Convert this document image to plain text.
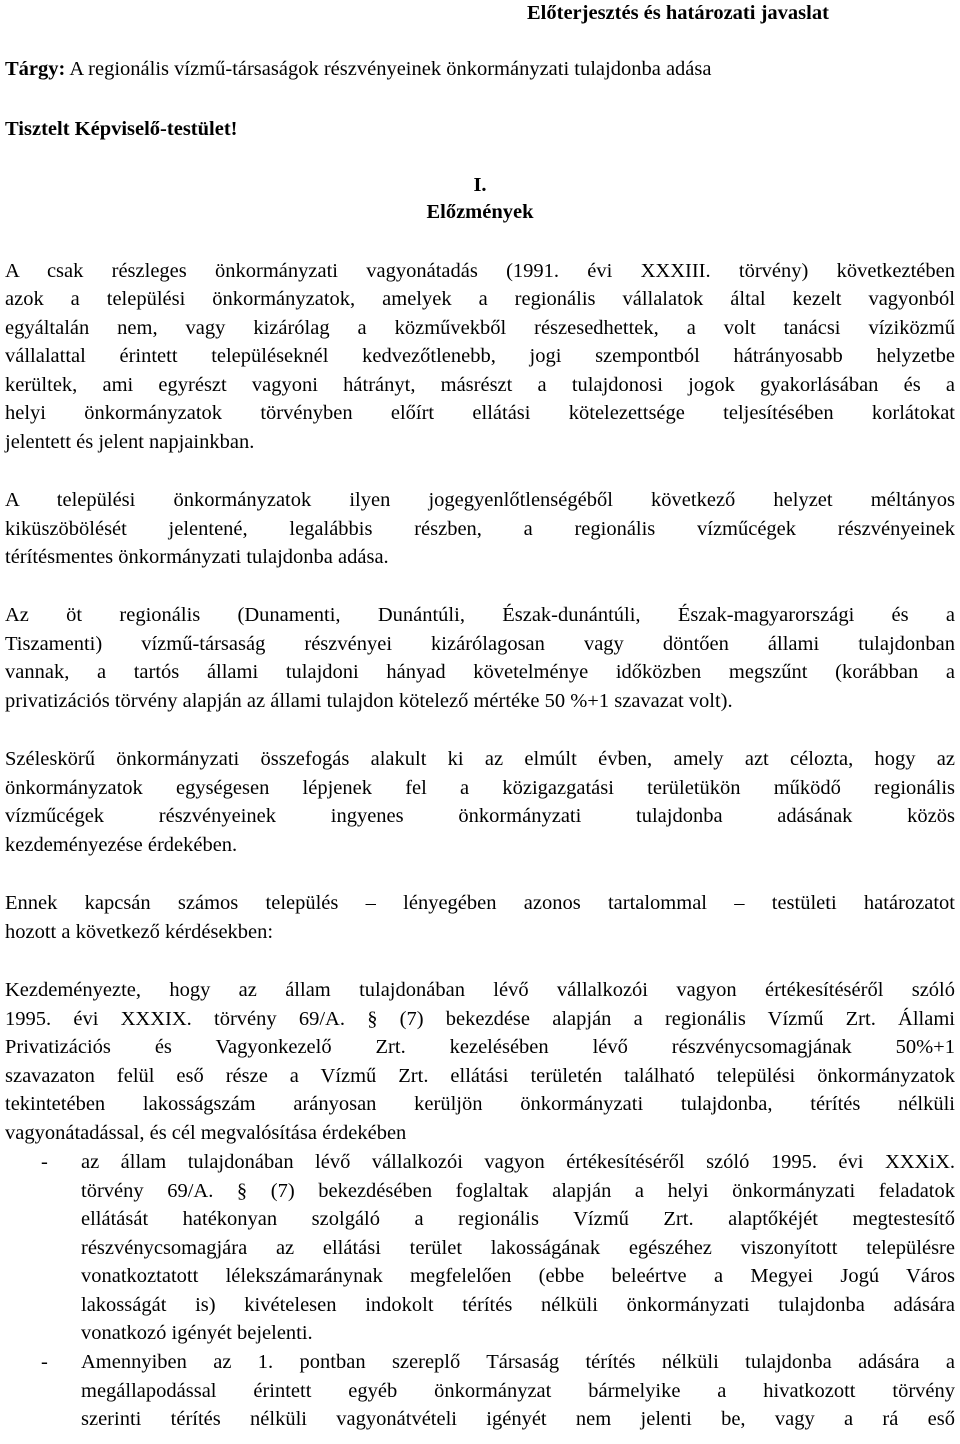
Előterjesztés és határozati javaslat
Tárgy: A regionális vízmű-társaságok részvényeinek önkormányzati tulajdonba adása
Tisztelt Képviselő-testület!
I.
Előzmények
A csak részleges önkormányzati vagyonátadás (1991. évi XXXIII. törvény) következtében
azok a települési önkormányzatok, amelyek a regionális vállalatok által kezelt vagyonból
egyáltalán nem, vagy kizárólag a közművekből részesedhettek, a volt tanácsi víziközmű
vállalattal érintett településeknél kedvezőtlenebb, jogi szempontból hátrányosabb helyzetbe
kerültek, ami egyrészt vagyoni hátrányt, másrészt a tulajdonosi jogok gyakorlásában és a
helyi önkormányzatok törvényben előírt ellátási kötelezettsége teljesítésében korlátokat
jelentett és jelent napjainkban.
A települési önkormányzatok ilyen jogegyenlőtlenségéből következő helyzet méltányos
kiküszöbölését jelentené, legalábbis részben, a regionális vízműcégek részvényeinek
térítésmentes önkormányzati tulajdonba adása.
Az öt regionális (Dunamenti, Dunántúli, Észak-dunántúli, Észak-magyarországi és a
Tiszamenti) vízmű-társaság részvényei kizárólagosan vagy döntően állami tulajdonban
vannak, a tartós állami tulajdoni hányad követelménye időközben megszűnt (korábban a
privatizációs törvény alapján az állami tulajdon kötelező mértéke 50 %+1 szavazat volt).
Széleskörű önkormányzati összefogás alakult ki az elmúlt évben, amely azt célozta, hogy az
önkormányzatok egységesen lépjenek fel a közigazgatási területükön működő regionális
vízműcégek részvényeinek ingyenes önkormányzati tulajdonba adásának közös
kezdeményezése érdekében.
Ennek kapcsán számos település – lényegében azonos tartalommal – testületi határozatot
hozott a következő kérdésekben:
Kezdeményezte, hogy az állam tulajdonában lévő vállalkozói vagyon értékesítéséről szóló
1995. évi XXXIX. törvény 69/A. § (7) bekezdése alapján a regionális Vízmű Zrt. Állami
Privatizációs és Vagyonkezelő Zrt. kezelésében lévő részvénycsomagjának 50%+1
szavazaton felül eső része a Vízmű Zrt. ellátási területén található települési önkormányzatok
tekintetében lakosságszám arányosan kerüljön önkormányzati tulajdonba, térítés nélküli
vagyonátadással, és cél megvalósítása érdekében
- az állam tulajdonában lévő vállalkozói vagyon értékesítéséről szóló 1995. évi XXXiX.
törvény 69/A. § (7) bekezdésében foglaltak alapján a helyi önkormányzati feladatok
ellátását hatékonyan szolgáló a regionális Vízmű Zrt. alaptőkéjét megtestesítő
részvénycsomagjára az ellátási terület lakosságának egészéhez viszonyított településre
vonatkoztatott lélekszámaránynak megfelelően (ebbe beleértve a Megyei Jogú Város
lakosságát is) kivételesen indokolt térítés nélküli önkormányzati tulajdonba adására
vonatkozó igényét bejelenti.
- Amennyiben az 1. pontban szereplő Társaság térítés nélküli tulajdonba adására a
megállapodással érintett egyéb önkormányzat bármelyike a hivatkozott törvény
szerinti térítés nélküli vagyonátvételi igényét nem jelenti be, vagy a rá eső
